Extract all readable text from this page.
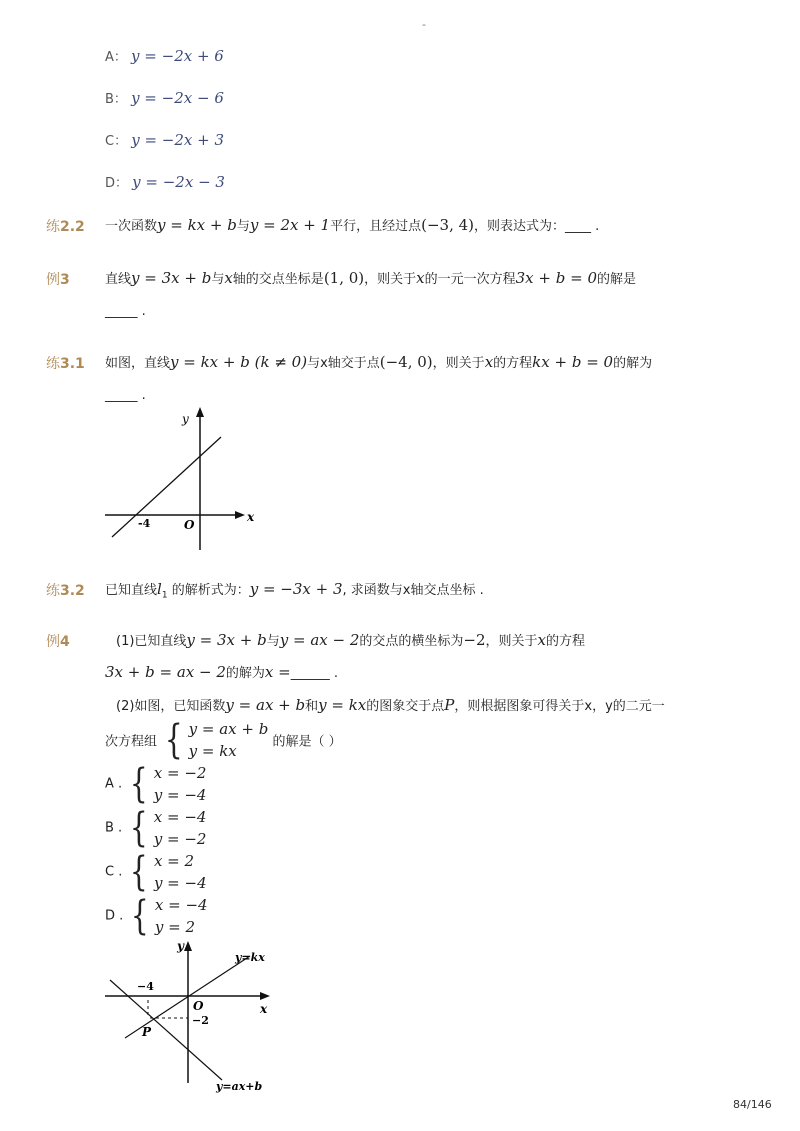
-
A： y = −2x + 6
B： y = −2x − 6
C： y = −2x + 3
D： y = −2x − 3
练2.2 一次函数y = kx + b与y = 2x + 1平行，且经过点(−3, 4)，则表达式为：____ .
例3	直线y = 3x + b与x轴的交点坐标是(1, 0)，则关于x的一元一次方程3x + b = 0的解是
_____ .
练3.1 如图，直线y = kx + b (k ≠ 0)与x轴交于点(−4, 0)，则关于x的方程kx + b = 0的解为
_____ .
y
x
O
-4
练3.2 已知直线$l_1$ 的解析式为：y = −3x + 3, 求函数与x轴交点坐标 .
例4	(1)已知直线y = 3x + b与y = ax − 2的交点的横坐标为−2，则关于x的方程
3x + b = ax − 2的解为x =______ .
(2)如图，已知函数y = ax + b和y = kx的图象交于点P，则根据图象可得关于x，y的二元一
次方程组 { y = ax + b
y = kx	的解是（ ）
A . { x = −2
y = −4
B . { x = −4
y = −2
C . { x = 2
y = −4
D . { x = −4
y = 2
y
x
O
P
y=kx
y=ax+b
−4
−2
84/146
